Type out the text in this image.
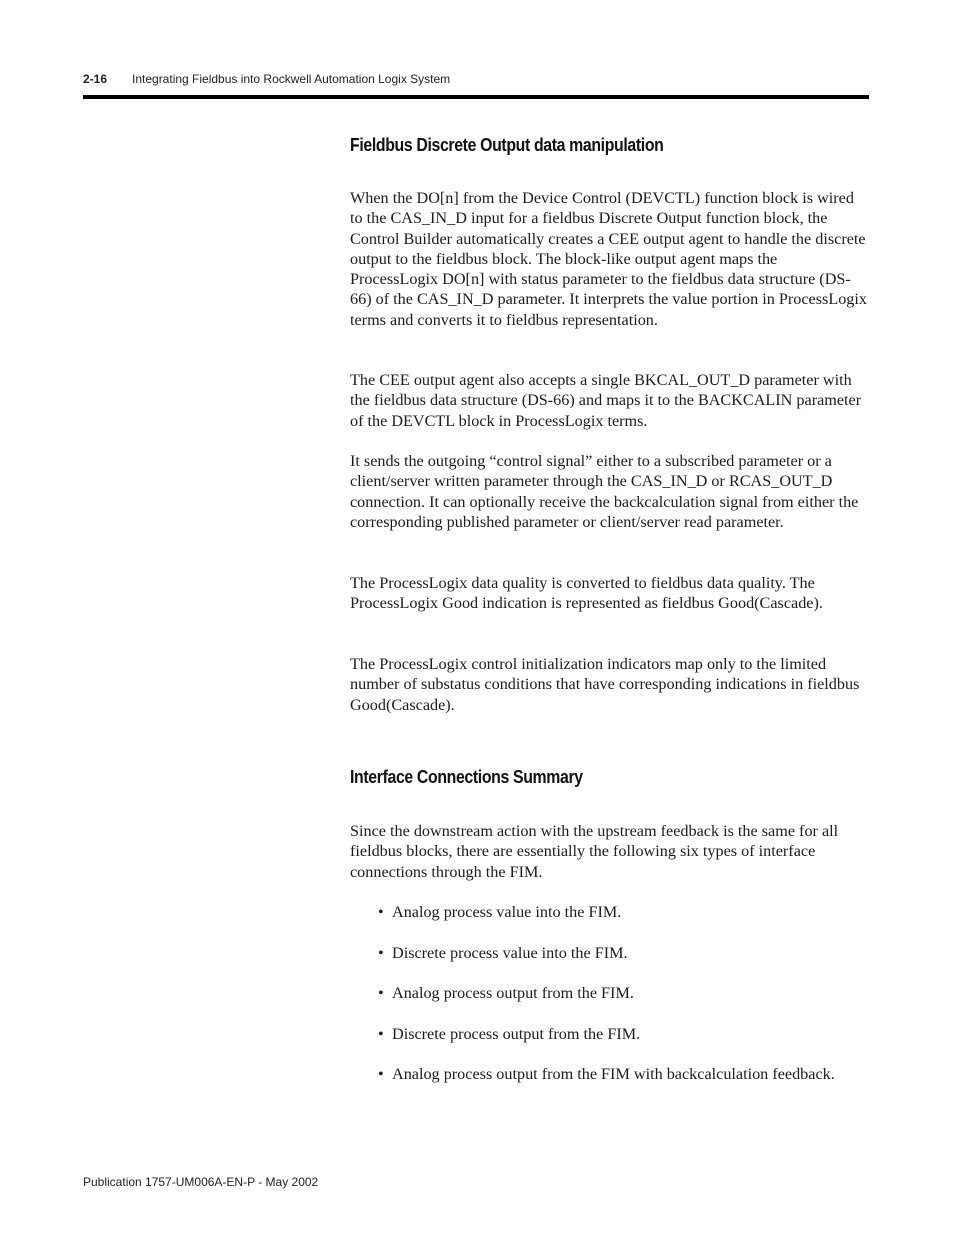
2-16 Integrating Fieldbus into Rockwell Automation Logix System
Fieldbus Discrete Output data manipulation

When the DO[n] from the Device Control (DEVCTL) function block is wired to the CAS_IN_D input for a fieldbus Discrete Output function block, the Control Builder automatically creates a CEE output agent to handle the discrete output to the fieldbus block. The block-like output agent maps the ProcessLogix DO[n] with status parameter to the fieldbus data structure (DS-66) of the CAS_IN_D parameter. It interprets the value portion in ProcessLogix terms and converts it to fieldbus representation.

The CEE output agent also accepts a single BKCAL_OUT_D parameter with the fieldbus data structure (DS-66) and maps it to the BACKCALIN parameter of the DEVCTL block in ProcessLogix terms.

It sends the outgoing “control signal” either to a subscribed parameter or a client/server written parameter through the CAS_IN_D or RCAS_OUT_D connection. It can optionally receive the backcalculation signal from either the corresponding published parameter or client/server read parameter.

The ProcessLogix data quality is converted to fieldbus data quality. The ProcessLogix Good indication is represented as fieldbus Good(Cascade).

The ProcessLogix control initialization indicators map only to the limited number of substatus conditions that have corresponding indications in fieldbus Good(Cascade).

Interface Connections Summary

Since the downstream action with the upstream feedback is the same for all fieldbus blocks, there are essentially the following six types of interface connections through the FIM.

• Analog process value into the FIM.
• Discrete process value into the FIM.
• Analog process output from the FIM.
• Discrete process output from the FIM.
• Analog process output from the FIM with backcalculation feedback.
Publication 1757-UM006A-EN-P - May 2002
